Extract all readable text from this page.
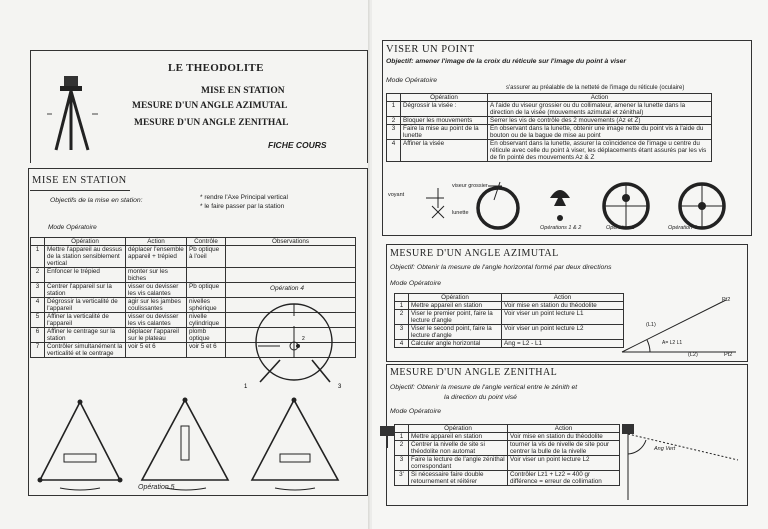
LE THEODOLITE
MISE EN STATION
MESURE D'UN ANGLE AZIMUTAL
MESURE D'UN ANGLE ZENITHAL
FICHE COURS
MISE EN STATION
Objectifs de la mise en station:	* rendre l'Axe Principal vertical
* le faire passer par la station
Mode Opératoire
	Opération	Action	Contrôle	Observations
1	Mettre l'appareil au dessus de la station sensiblement vertical	déplacer l'ensemble appareil + trépied	Pb optique à l'oeil	
2	Enfoncer le trépied	monter sur les biches		
3	Centrer l'appareil sur la station	visser ou devisser les vis calantes	Pb optique	
4	Dégrossir la verticalité de l'appareil	agir sur les jambes coulissantes	nivelles sphérique	
5	Affiner la verticalité de l'appareil	visser ou devisser les vis calantes	nivelle cylindrique	
6	Affiner le centrage sur la station	déplacer l'appareil sur le plateau	plomb optique	
7	Contrôler simultanément la verticalité et le centrage	voir 5 et 6	voir 5 et 6	
1	3
2
Opération 4
Opération 5
VISER UN POINT
Objectif: amener l'image de la croix du réticule sur l'image du point à viser
Mode Opératoire
s'assurer au préalable de la netteté de l'image du réticule (oculaire)
	Opération	Action
1	Dégrossir la visée :	A l'aide du viseur grossier ou du collimateur, amener la lunette dans la direction de la visée (mouvements azimutal et zénithal)
2	Bloquer les mouvements	Serrer les vis de contrôle des 2 mouvements (Az et Z)
3	Faire la mise au point de la lunette	En observant dans la lunette, obtenir une image nette du point vis à l'aide du bouton ou de la bague de mise au point
4	Affiner la visée	En observant dans la lunette, assurer la coïncidence de l'image u centre du réticule avec celle du point à viser, les déplacements étant assurés par les vis de fin pointé des mouvements Az & Z
voyant
viseur grossier
lunette
Opérations 1 & 2	Opération 3	Opération 4
MESURE D'UN ANGLE AZIMUTAL
Objectif: Obtenir la mesure de l'angle horizontal formé par deux directions
Mode Opératoire
	Opération	Action
1	Mettre appareil en station	Voir mise en station du théodolite
2	Viser le premier point, faire la lecture d'angle	Voir viser un point lecture L1
3	Viser le second point, faire la lecture d'angle	Voir viser un point lecture L2
4	Calculer angle horizontal	Ang = L2 - L1
Pt2
(L1)
A= L2 L1
(L2)	Pt2
MESURE D'UN ANGLE ZENITHAL
Objectif: Obtenir la mesure de l'angle vertical entre le zénith et
la direction du point visé
Mode Opératoire
	Opération	Action
1	Mettre appareil en station	Voir mise en station du théodolite
2	Centrer la nivelle de site si théodolite non automat	tourner la vis de nivelle de site pour centrer la bulle de la nivelle
3	Faire la lecture de l'angle zénithal correspondant	Voir viser un point lecture L2
3'	Si nécessaire faire double retournement et réitérer	Contrôler Lz1 + Lz2 = 400 gr différence = erreur de collimation
Ang Vert
